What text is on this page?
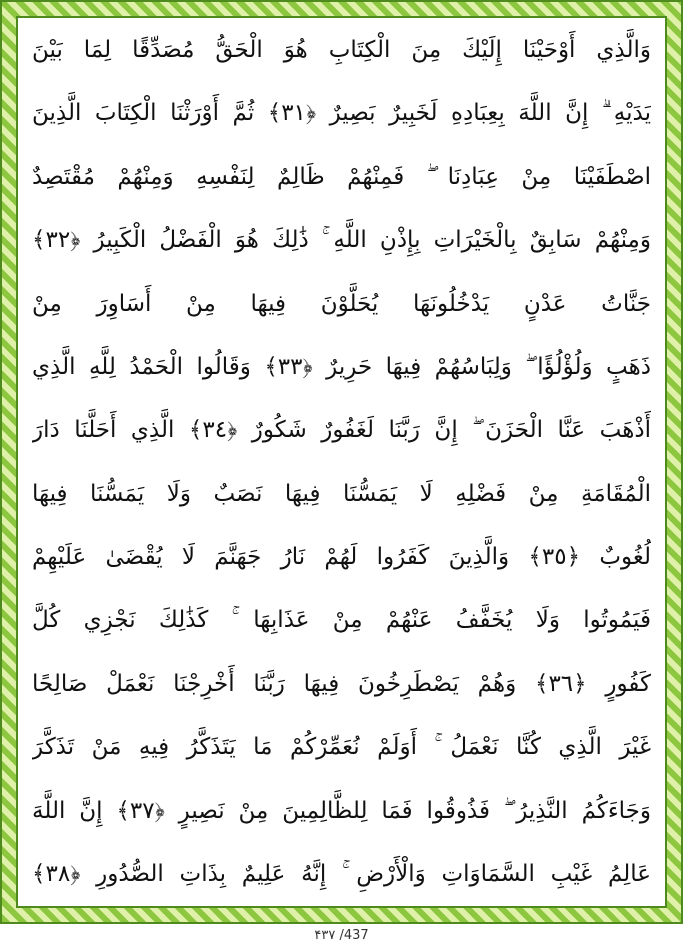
وَالَّذِي أَوْحَيْنَا إِلَيْكَ مِنَ الْكِتَابِ هُوَ الْحَقُّ مُصَدِّقًا لِمَا بَيْنَ
يَدَيْهِ ۗ إِنَّ اللَّهَ بِعِبَادِهِ لَخَبِيرٌ بَصِيرٌ ﴿٣١﴾ ثُمَّ أَوْرَثْنَا الْكِتَابَ الَّذِينَ
اصْطَفَيْنَا مِنْ عِبَادِنَا ۖ فَمِنْهُمْ ظَالِمٌ لِنَفْسِهِ وَمِنْهُمْ مُقْتَصِدٌ
وَمِنْهُمْ سَابِقٌ بِالْخَيْرَاتِ بِإِذْنِ اللَّهِ ۚ ذَٰلِكَ هُوَ الْفَضْلُ الْكَبِيرُ ﴿٣٢﴾
جَنَّاتُ عَدْنٍ يَدْخُلُونَهَا يُحَلَّوْنَ فِيهَا مِنْ أَسَاوِرَ مِنْ
ذَهَبٍ وَلُؤْلُؤًا ۖ وَلِبَاسُهُمْ فِيهَا حَرِيرٌ ﴿٣٣﴾ وَقَالُوا الْحَمْدُ لِلَّهِ الَّذِي
أَذْهَبَ عَنَّا الْحَزَنَ ۖ إِنَّ رَبَّنَا لَغَفُورٌ شَكُورٌ ﴿٣٤﴾ الَّذِي أَحَلَّنَا دَارَ
الْمُقَامَةِ مِنْ فَضْلِهِ لَا يَمَسُّنَا فِيهَا نَصَبٌ وَلَا يَمَسُّنَا فِيهَا
لُغُوبٌ ﴿٣٥﴾ وَالَّذِينَ كَفَرُوا لَهُمْ نَارُ جَهَنَّمَ لَا يُقْضَىٰ عَلَيْهِمْ
فَيَمُوتُوا وَلَا يُخَفَّفُ عَنْهُمْ مِنْ عَذَابِهَا ۚ كَذَٰلِكَ نَجْزِي كُلَّ
كَفُورٍ ﴿٣٦﴾ وَهُمْ يَصْطَرِخُونَ فِيهَا رَبَّنَا أَخْرِجْنَا نَعْمَلْ صَالِحًا
غَيْرَ الَّذِي كُنَّا نَعْمَلُ ۚ أَوَلَمْ نُعَمِّرْكُمْ مَا يَتَذَكَّرُ فِيهِ مَنْ تَذَكَّرَ
وَجَاءَكُمُ النَّذِيرُ ۖ فَذُوقُوا فَمَا لِلظَّالِمِينَ مِنْ نَصِيرٍ ﴿٣٧﴾ إِنَّ اللَّهَ
عَالِمُ غَيْبِ السَّمَاوَاتِ وَالْأَرْضِ ۚ إِنَّهُ عَلِيمٌ بِذَاتِ الصُّدُورِ ﴿٣٨﴾
۴۳۷ /437
